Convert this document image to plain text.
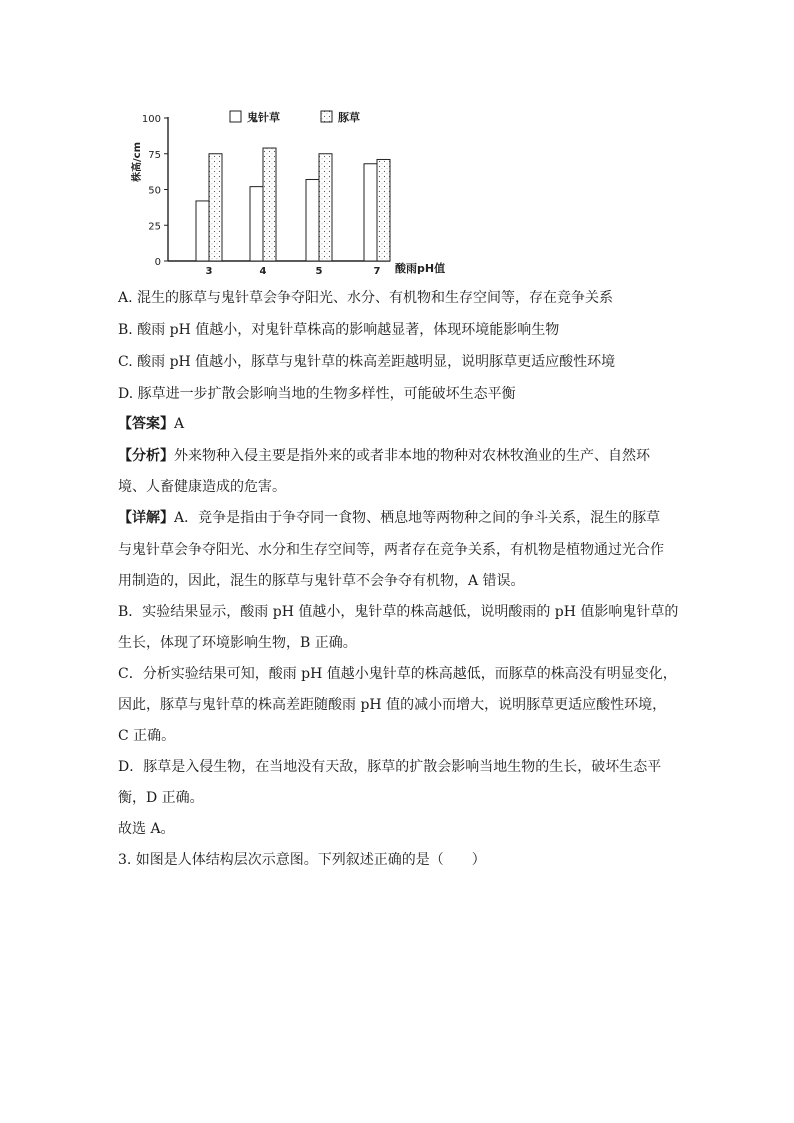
鬼针草	豚草
株高/cm
0
25
50
75
100
3	4	5	7 酸雨pH值
A. 混生的豚草与鬼针草会争夺阳光、水分、有机物和生存空间等，存在竞争关系
B. 酸雨 pH 值越小，对鬼针草株高的影响越显著，体现环境能影响生物
C. 酸雨 pH 值越小，豚草与鬼针草的株高差距越明显，说明豚草更适应酸性环境
D. 豚草进一步扩散会影响当地的生物多样性，可能破坏生态平衡
【答案】A
【分析】外来物种入侵主要是指外来的或者非本地的物种对农林牧渔业的生产、自然环
境、人畜健康造成的危害。
【详解】A．竞争是指由于争夺同一食物、栖息地等两物种之间的争斗关系，混生的豚草
与鬼针草会争夺阳光、水分和生存空间等，两者存在竞争关系，有机物是植物通过光合作
用制造的，因此，混生的豚草与鬼针草不会争夺有机物，A 错误。
B．实验结果显示，酸雨 pH 值越小，鬼针草的株高越低，说明酸雨的 pH 值影响鬼针草的
生长，体现了环境影响生物，B 正确。
C．分析实验结果可知，酸雨 pH 值越小鬼针草的株高越低，而豚草的株高没有明显变化，
因此，豚草与鬼针草的株高差距随酸雨 pH 值的减小而增大，说明豚草更适应酸性环境，
C 正确。
D．豚草是入侵生物，在当地没有天敌，豚草的扩散会影响当地生物的生长，破坏生态平
衡，D 正确。
故选 A。
3. 如图是人体结构层次示意图。下列叙述正确的是（　　）
